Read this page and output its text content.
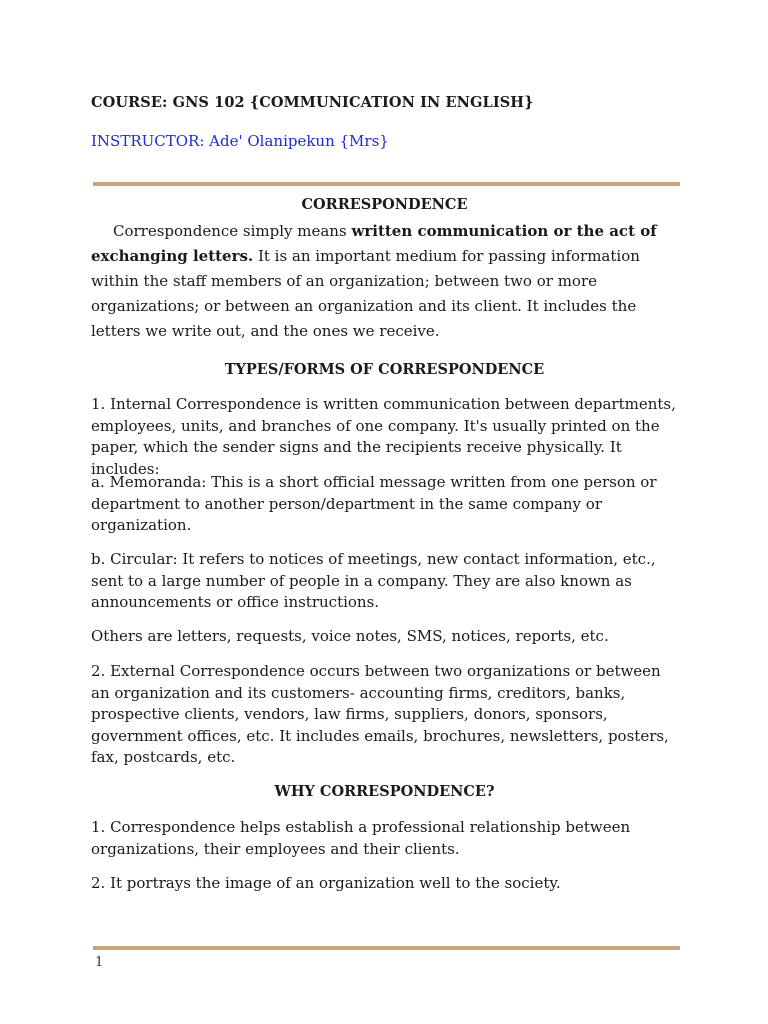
COURSE: GNS 102 {COMMUNICATION IN ENGLISH}
INSTRUCTOR: Ade' Olanipekun {Mrs}
CORRESPONDENCE
Correspondence simply means written communication or the act of exchanging letters. It is an important medium for passing information within the staff members of an organization; between two or more organizations; or between an organization and its client. It includes the letters we write out, and the ones we receive.
TYPES/FORMS OF CORRESPONDENCE
1. Internal Correspondence is written communication between departments, employees, units, and branches of one company. It's usually printed on the paper, which the sender signs and the recipients receive physically. It includes:
a. Memoranda: This is a short official message written from one person or department to another person/department in the same company or organization.
b. Circular: It refers to notices of meetings, new contact information, etc., sent to a large number of people in a company. They are also known as announcements or office instructions.
Others are letters, requests, voice notes, SMS, notices, reports, etc.
2. External Correspondence occurs between two organizations or between an organization and its customers- accounting firms, creditors, banks, prospective clients, vendors, law firms, suppliers, donors, sponsors, government offices, etc. It includes emails, brochures, newsletters, posters, fax, postcards, etc.
WHY CORRESPONDENCE?
1. Correspondence helps establish a professional relationship between organizations, their employees and their clients.
2. It portrays the image of an organization well to the society.
1
